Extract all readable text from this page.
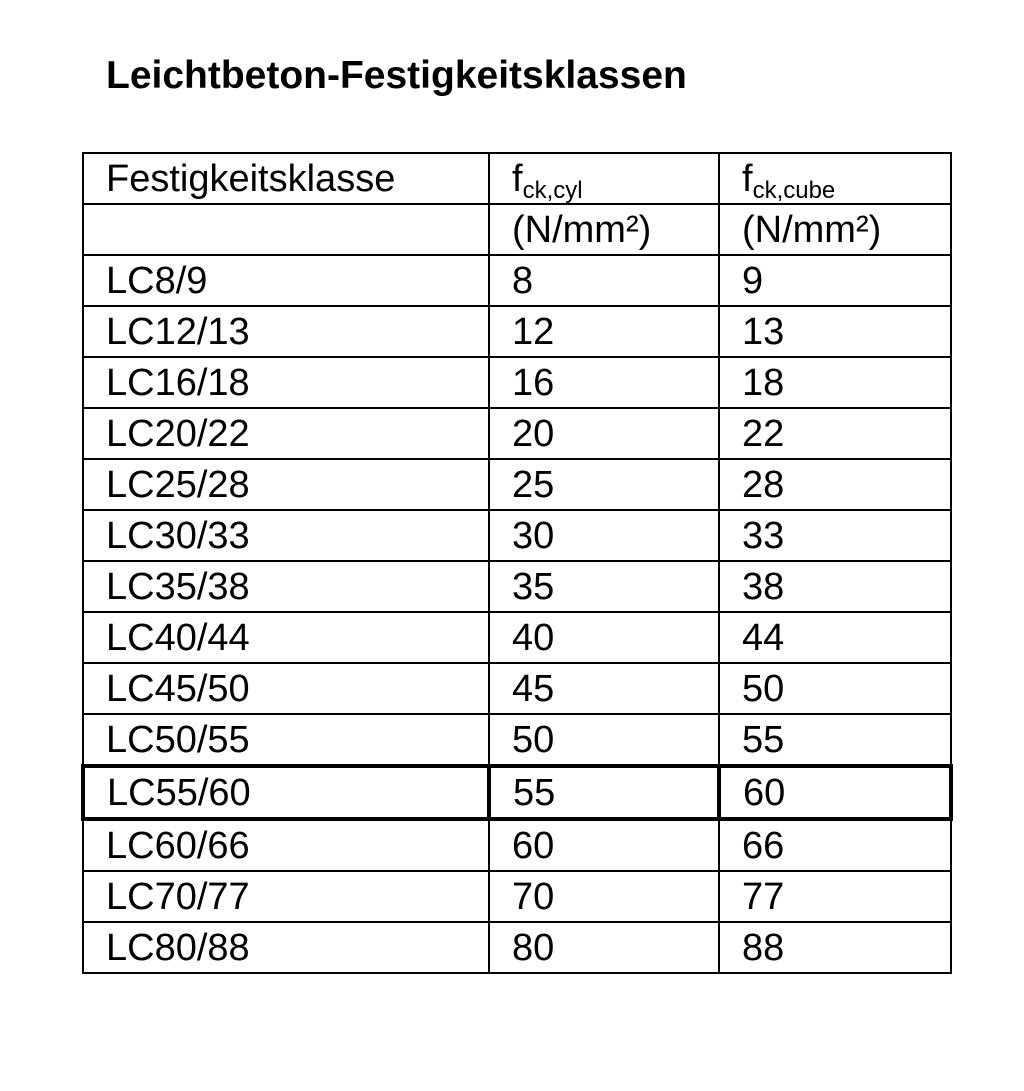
Leichtbeton-Festigkeitsklassen
Festigkeitsklasse	$f_{ck,cyl}$	$f_{ck,cube}$
	(N/mm²)	(N/mm²)
LC8/9	8	9
LC12/13	12	13
LC16/18	16	18
LC20/22	20	22
LC25/28	25	28
LC30/33	30	33
LC35/38	35	38
LC40/44	40	44
LC45/50	45	50
LC50/55	50	55
LC55/60	55	60
LC60/66	60	66
LC70/77	70	77
LC80/88	80	88
